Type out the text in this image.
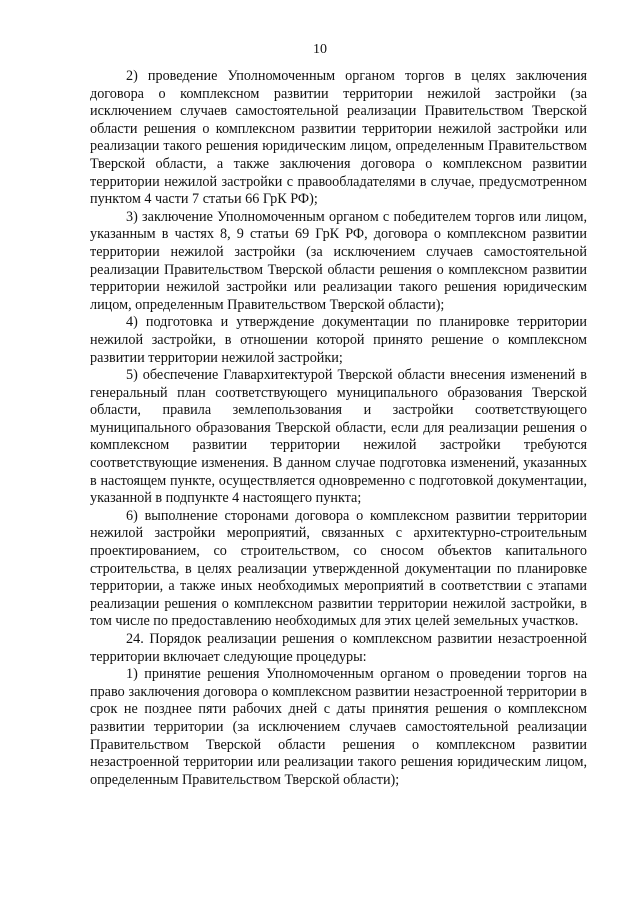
10

2) проведение Уполномоченным органом торгов в целях заключения договора о комплексном развитии территории нежилой застройки (за исключением случаев самостоятельной реализации Правительством Тверской области решения о комплексном развитии территории нежилой застройки или реализации такого решения юридическим лицом, определенным Правительством Тверской области, а также заключения договора о комплексном развитии территории нежилой застройки с правообладателями в случае, предусмотренном пунктом 4 части 7 статьи 66 ГрК РФ);

3) заключение Уполномоченным органом с победителем торгов или лицом, указанным в частях 8, 9 статьи 69 ГрК РФ, договора о комплексном развитии территории нежилой застройки (за исключением случаев самостоятельной реализации Правительством Тверской области решения о комплексном развитии территории нежилой застройки или реализации такого решения юридическим лицом, определенным Правительством Тверской области);

4) подготовка и утверждение документации по планировке территории нежилой застройки, в отношении которой принято решение о комплексном развитии территории нежилой застройки;

5) обеспечение Главархитектурой Тверской области внесения изменений в генеральный план соответствующего муниципального образования Тверской области, правила землепользования и застройки соответствующего муниципального образования Тверской области, если для реализации решения о комплексном развитии территории нежилой застройки требуются соответствующие изменения. В данном случае подготовка изменений, указанных в настоящем пункте, осуществляется одновременно с подготовкой документации, указанной в подпункте 4 настоящего пункта;

6) выполнение сторонами договора о комплексном развитии территории нежилой застройки мероприятий, связанных с архитектурно-строительным проектированием, со строительством, со сносом объектов капитального строительства, в целях реализации утвержденной документации по планировке территории, а также иных необходимых мероприятий в соответствии с этапами реализации решения о комплексном развитии территории нежилой застройки, в том числе по предоставлению необходимых для этих целей земельных участков.

24. Порядок реализации решения о комплексном развитии незастроенной территории включает следующие процедуры:

1) принятие решения Уполномоченным органом о проведении торгов на право заключения договора о комплексном развитии незастроенной территории в срок не позднее пяти рабочих дней с даты принятия решения о комплексном развитии территории (за исключением случаев самостоятельной реализации Правительством Тверской области решения о комплексном развитии незастроенной территории или реализации такого решения юридическим лицом, определенным Правительством Тверской области);
